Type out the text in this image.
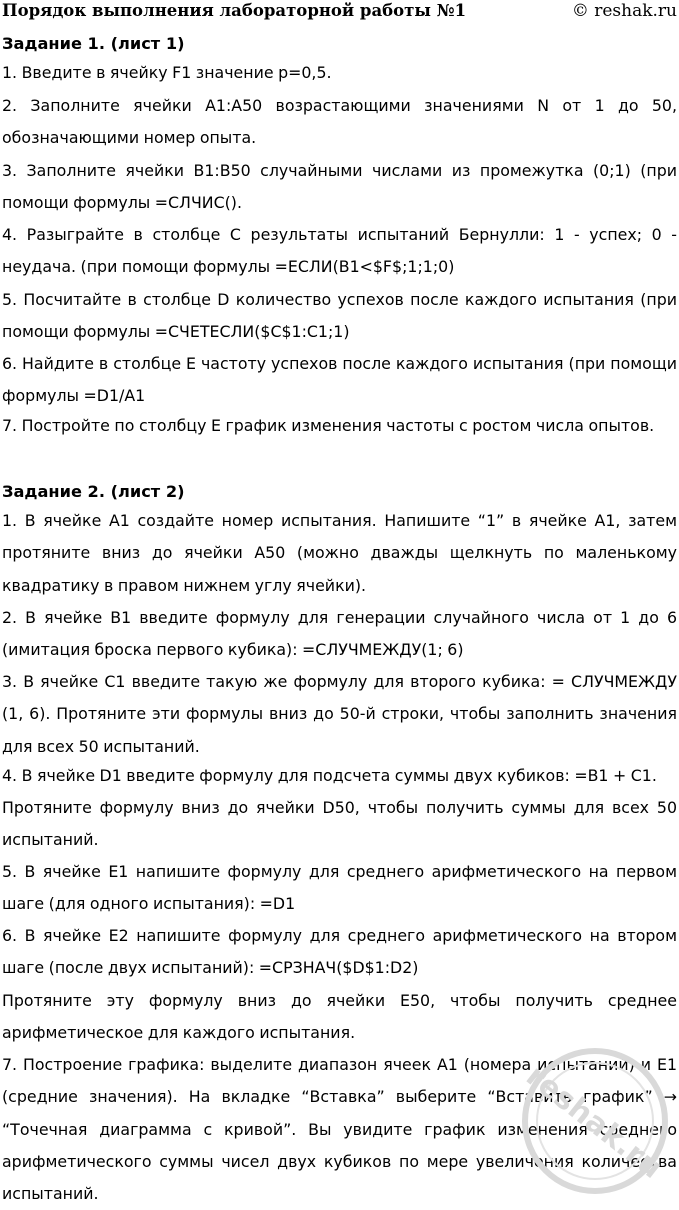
Порядок выполнения лабораторной работы №1	© reshak.ru
Задание 1. (лист 1)

1. Введите в ячейку F1 значение p=0,5.

2. Заполните ячейки A1:A50 возрастающими значениями N от 1 до 50, обозначающими номер опыта.

3. Заполните ячейки B1:B50 случайными числами из промежутка (0;1) (при помощи формулы =СЛЧИС().

4. Разыграйте в столбце С результаты испытаний Бернулли: 1 - успех; 0 - неудача. (при помощи формулы =ЕСЛИ(B1<$F$;1;1;0)

5. Посчитайте в столбце D количество успехов после каждого испытания (при помощи формулы =СЧЕТЕСЛИ($C$1:C1;1)

6. Найдите в столбце E частоту успехов после каждого испытания (при помощи формулы =D1/A1

7. Постройте по столбцу E график изменения частоты с ростом числа опытов.

Задание 2. (лист 2)

1. В ячейке A1 создайте номер испытания. Напишите “1” в ячейке A1, затем протяните вниз до ячейки A50 (можно дважды щелкнуть по маленькому квадратику в правом нижнем углу ячейки).

2. В ячейке B1 введите формулу для генерации случайного числа от 1 до 6 (имитация броска первого кубика): =СЛУЧМЕЖДУ(1; 6)

3. В ячейке C1 введите такую же формулу для второго кубика: = СЛУЧМЕЖДУ (1, 6). Протяните эти формулы вниз до 50-й строки, чтобы заполнить значения для всех 50 испытаний.

4. В ячейке D1 введите формулу для подсчета суммы двух кубиков: =B1 + C1.

Протяните формулу вниз до ячейки D50, чтобы получить суммы для всех 50 испытаний.

5. В ячейке E1 напишите формулу для среднего арифметического на первом шаге (для одного испытания): =D1

6. В ячейке E2 напишите формулу для среднего арифметического на втором шаге (после двух испытаний): =СРЗНАЧ($D$1:D2)

Протяните эту формулу вниз до ячейки E50, чтобы получить среднее арифметическое для каждого испытания.

7. Построение графика: выделите диапазон ячеек A1 (номера испытаний) и E1 (средние значения). На вкладке “Вставка” выберите “Вставить график” → “Точечная диаграмма с кривой”. Вы увидите график изменения среднего арифметического суммы чисел двух кубиков по мере увеличения количества испытаний.

reshak.ru
